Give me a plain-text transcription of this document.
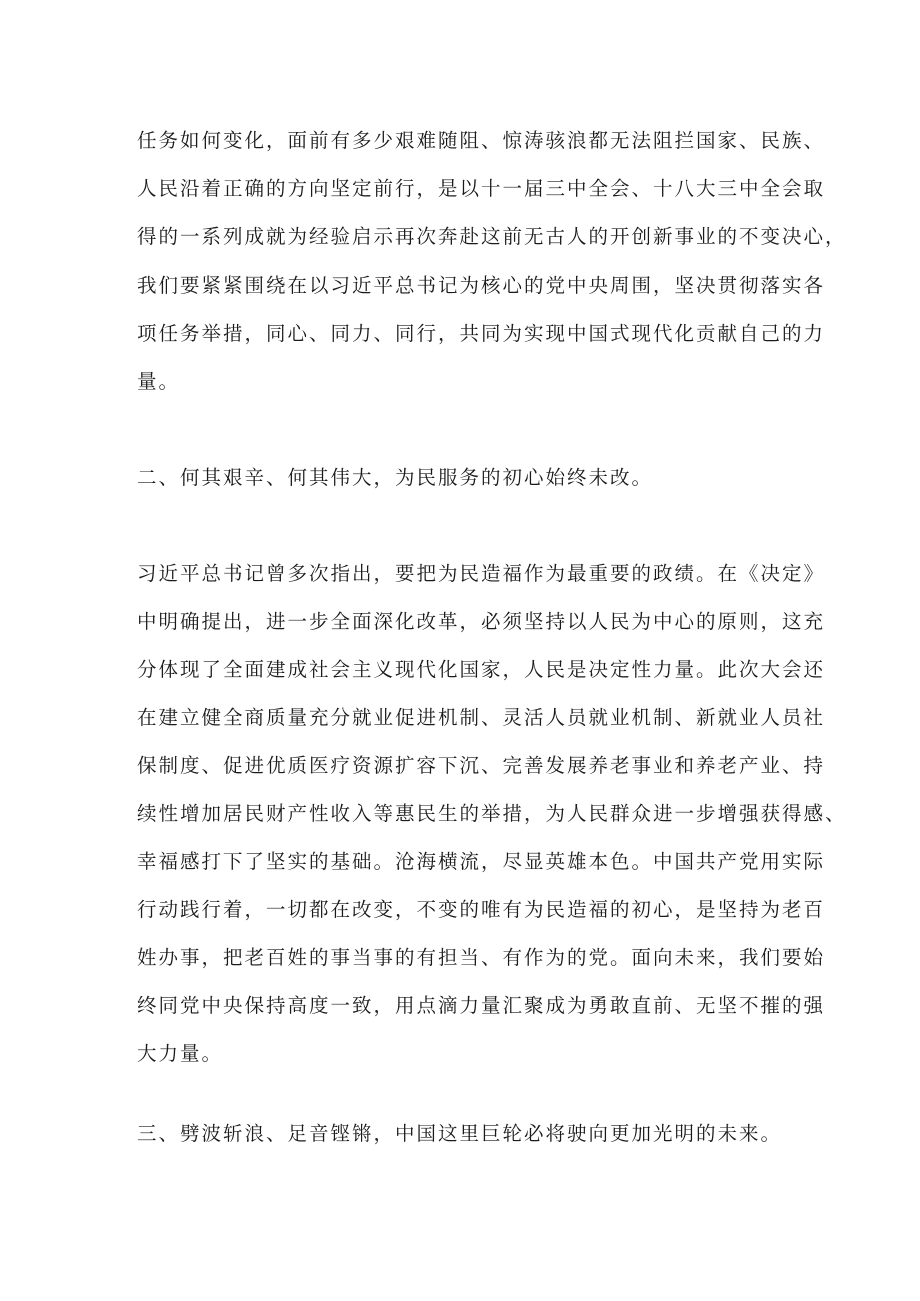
任务如何变化，面前有多少艰难随阻、惊涛骇浪都无法阻拦国家、民族、
人民沿着正确的方向坚定前行，是以十一届三中全会、十八大三中全会取
得的一系列成就为经验启示再次奔赴这前无古人的开创新事业的不变决心，
我们要紧紧围绕在以习近平总书记为核心的党中央周围，坚决贯彻落实各
项任务举措，同心、同力、同行，共同为实现中国式现代化贡献自己的力
量。
二、何其艰辛、何其伟大，为民服务的初心始终未改。
习近平总书记曾多次指出，要把为民造福作为最重要的政绩。在《决定》
中明确提出，进一步全面深化改革，必须坚持以人民为中心的原则，这充
分体现了全面建成社会主义现代化国家，人民是决定性力量。此次大会还
在建立健全商质量充分就业促进机制、灵活人员就业机制、新就业人员社
保制度、促进优质医疗资源扩容下沉、完善发展养老事业和养老产业、持
续性增加居民财产性收入等惠民生的举措，为人民群众进一步增强获得感、
幸福感打下了坚实的基础。沧海横流，尽显英雄本色。中国共产党用实际
行动践行着，一切都在改变，不变的唯有为民造福的初心，是坚持为老百
姓办事，把老百姓的事当事的有担当、有作为的党。面向未来，我们要始
终同党中央保持高度一致，用点滴力量汇聚成为勇敢直前、无坚不摧的强
大力量。
三、劈波斩浪、足音铿锵，中国这里巨轮必将驶向更加光明的未来。
